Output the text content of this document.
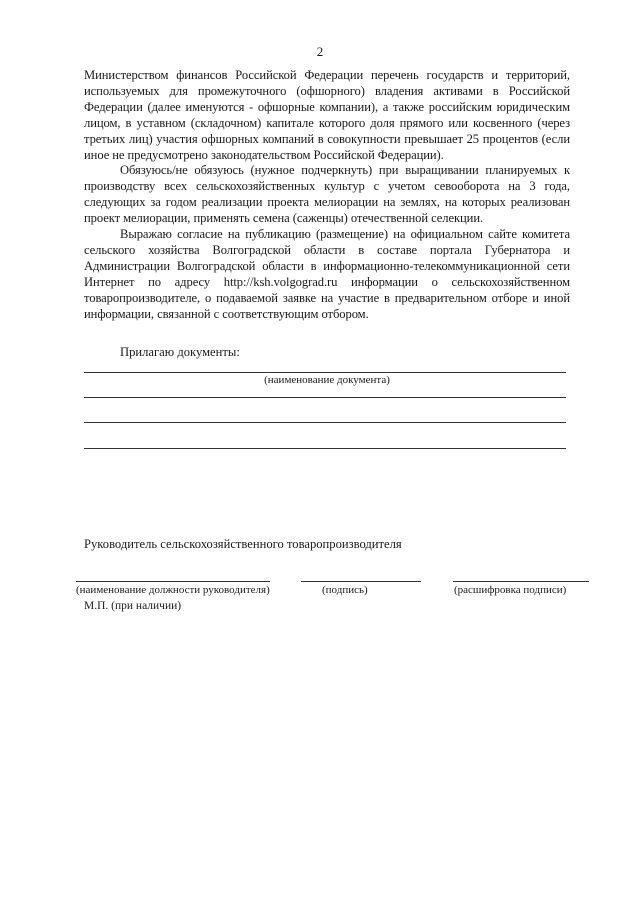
2

Министерством финансов Российской Федерации перечень государств и территорий, используемых для промежуточного (офшорного) владения активами в Российской Федерации (далее именуются - офшорные компании), а также российским юридическим лицом, в уставном (складочном) капитале которого доля прямого или косвенного (через третьих лиц) участия офшорных компаний в совокупности превышает 25 процентов (если иное не предусмотрено законодательством Российской Федерации).

Обязуюсь/не обязуюсь (нужное подчеркнуть) при выращивании планируемых к производству всех сельскохозяйственных культур с учетом севооборота на 3 года, следующих за годом реализации проекта мелиорации на землях, на которых реализован проект мелиорации, применять семена (саженцы) отечественной селекции.

Выражаю согласие на публикацию (размещение) на официальном сайте комитета сельского хозяйства Волгоградской области в составе портала Губернатора и Администрации Волгоградской области в информационно-телекоммуникационной сети Интернет по адресу http://ksh.volgograd.ru информации о сельскохозяйственном товаропроизводителе, о подаваемой заявке на участие в предварительном отборе и иной информации, связанной с соответствующим отбором.

Прилагаю документы:
(наименование документа)
Руководитель сельскохозяйственного товаропроизводителя
(наименование должности руководителя)	(подпись)	(расшифровка подписи)
М.П. (при наличии)
